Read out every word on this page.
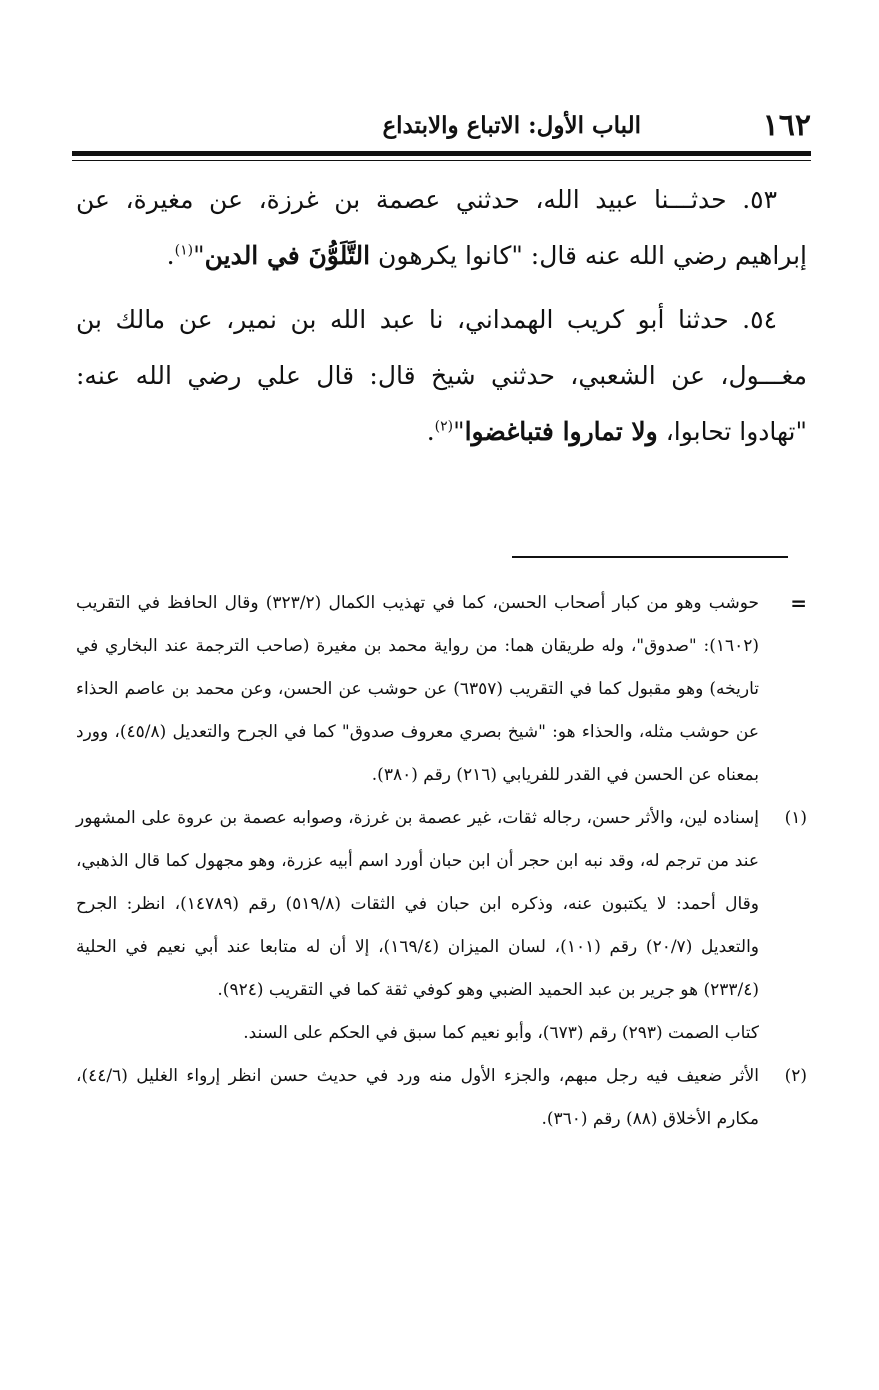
١٦٢
الباب الأول: الاتباع والابتداع

٥٣. حدثـــنا عبيد الله، حدثني عصمة بن غرزة، عن مغيرة، عن إبراهيم رضي الله عنه قال: "كانوا يكرهون التَّلَوُّنَ في الدين"$^{(١)}$.

٥٤. حدثنا أبو كريب الهمداني، نا عبد الله بن نمير، عن مالك بن مغـــول، عن الشعبي، حدثني شيخ قال: قال علي رضي الله عنه: "تهادوا تحابوا، ولا تماروا فتباغضوا"$^{(٢)}$.

=
حوشب وهو من كبار أصحاب الحسن، كما في تهذيب الكمال (٣٢٣/٢) وقال الحافظ في التقريب (١٦٠٢): "صدوق"، وله طريقان هما: من رواية محمد بن مغيرة (صاحب الترجمة عند البخاري في تاريخه) وهو مقبول كما في التقريب (٦٣٥٧) عن حوشب عن الحسن، وعن محمد بن عاصم الحذاء عن حوشب مثله، والحذاء هو: "شيخ بصري معروف صدوق" كما في الجرح والتعديل (٤٥/٨)، وورد بمعناه عن الحسن في القدر للفريابي (٢١٦) رقم (٣٨٠).

(١)
إسناده لين، والأثر حسن، رجاله ثقات، غير عصمة بن غرزة، وصوابه عصمة بن عروة على المشهور عند من ترجم له، وقد نبه ابن حجر أن ابن حبان أورد اسم أبيه عزرة، وهو مجهول كما قال الذهبي، وقال أحمد: لا يكتبون عنه، وذكره ابن حبان في الثقات (٥١٩/٨) رقم (١٤٧٨٩)، انظر: الجرح والتعديل (٢٠/٧) رقم (١٠١)، لسان الميزان (١٦٩/٤)، إلا أن له متابعا عند أبي نعيم في الحلية (٢٣٣/٤) هو جرير بن عبد الحميد الضبي وهو كوفي ثقة كما في التقريب (٩٢٤).

كتاب الصمت (٢٩٣) رقم (٦٧٣)، وأبو نعيم كما سبق في الحكم على السند.

(٢)
الأثر ضعيف فيه رجل مبهم، والجزء الأول منه ورد في حديث حسن انظر إرواء الغليل (٤٤/٦)، مكارم الأخلاق (٨٨) رقم (٣٦٠).
